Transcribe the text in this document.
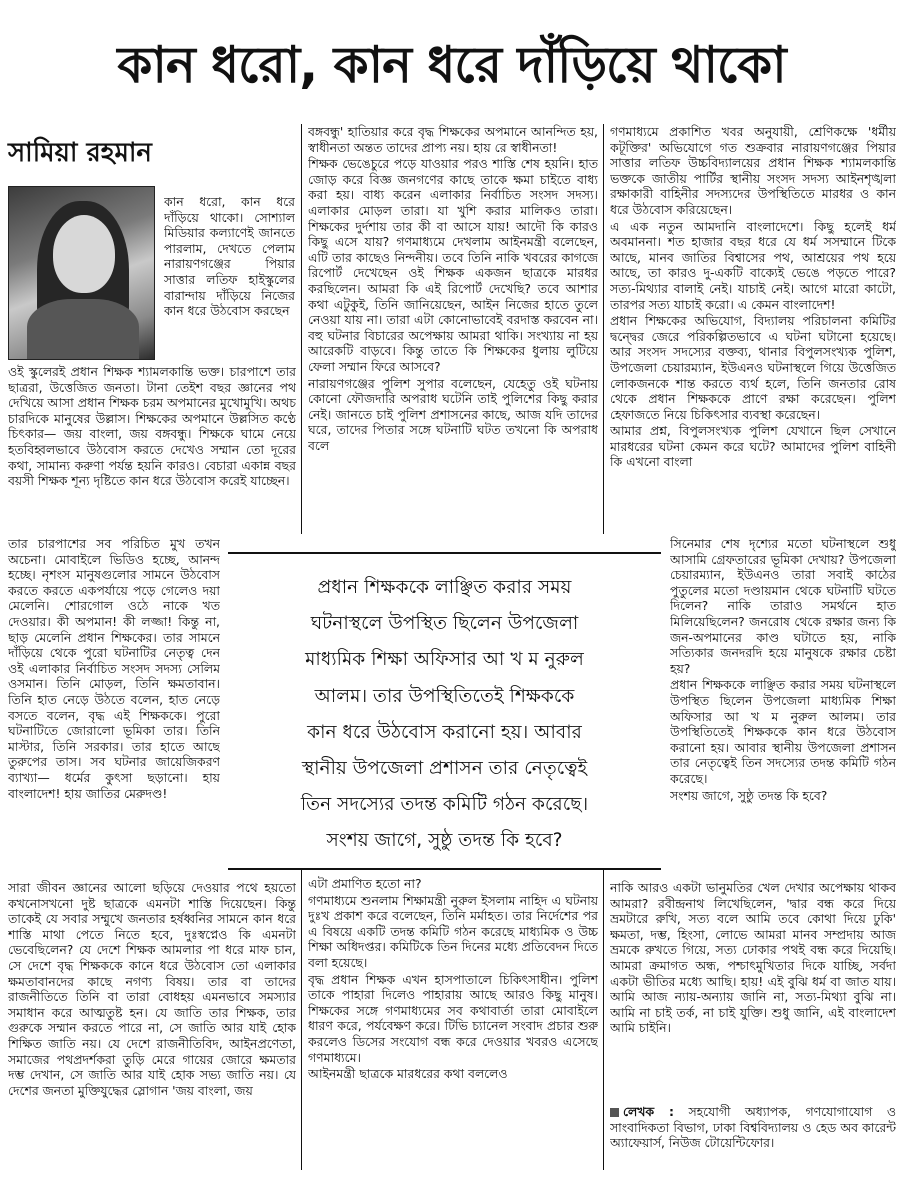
কান ধরো, কান ধরে দাঁড়িয়ে থাকো
সামিয়া রহমান

কান ধরো, কান ধরে দাঁড়িয়ে থাকো। সোশ্যাল মিডিয়ার কল্যাণেই জানতে পারলাম, দেখতে পেলাম নারায়ণগঞ্জের পিয়ার সাত্তার লতিফ হাইস্কুলের বারান্দায় দাঁড়িয়ে নিজের কান ধরে উঠবোস করছেন

ওই স্কুলেরই প্রধান শিক্ষক শ্যামলকান্তি ভক্ত। চারপাশে তার ছাত্ররা, উত্তেজিত জনতা। টানা তেইশ বছর জ্ঞানের পথ দেখিয়ে আসা প্রধান শিক্ষক চরম অপমানের মুখোমুখি। অথচ চারদিকে মানুষের উল্লাস। শিক্ষকের অপমানে উল্লসিত কণ্ঠে চিৎকার— জয় বাংলা, জয় বঙ্গবন্ধু। শিক্ষকে ঘামে নেয়ে হতবিহ্বলভাবে উঠবোস করতে দেখেও সম্মান তো দূরের কথা, সামান্য করুণা পর্যন্ত হয়নি কারও। বেচারা একান্ন বছর বয়সী শিক্ষক শূন্য দৃষ্টিতে কান ধরে উঠবোস করেই যাচ্ছেন।

তার চারপাশের সব পরিচিত মুখ তখন অচেনা। মোবাইলে ভিডিও হচ্ছে, আনন্দ হচ্ছে। নৃশংস মানুষগুলোর সামনে উঠবোস করতে করতে একপর্যায়ে পড়ে গেলেও দয়া মেলেনি। শোরগোল ওঠে নাকে খত দেওয়ার। কী অপমান! কী লজ্জা! কিন্তু না, ছাড় মেলেনি প্রধান শিক্ষকের। তার সামনে দাঁড়িয়ে থেকে পুরো ঘটনাটির নেতৃত্ব দেন ওই এলাকার নির্বাচিত সংসদ সদস্য সেলিম ওসমান। তিনি মোড়ল, তিনি ক্ষমতাবান। তিনি হাত নেড়ে উঠতে বলেন, হাত নেড়ে বসতে বলেন, বৃদ্ধ এই শিক্ষককে। পুরো ঘটনাটিতে জোরালো ভূমিকা তার। তিনি মাস্টার, তিনি সরকার। তার হাতে আছে তুরুপের তাস। সব ঘটনার জায়েজিকরণ ব্যাখ্যা— ধর্মের কুৎসা ছড়ানো। হায় বাংলাদেশ! হায় জাতির মেরুদণ্ড!

সারা জীবন জ্ঞানের আলো ছড়িয়ে দেওয়ার পথে হয়তো কখনোসখনো দুষ্ট ছাত্রকে এমনটা শাস্তি দিয়েছেন। কিন্তু তাকেই যে সবার সম্মুখে জনতার হর্ষধ্বনির সামনে কান ধরে শাস্তি মাথা পেতে নিতে হবে, দুঃস্বপ্নেও কি এমনটা ভেবেছিলেন? যে দেশে শিক্ষক আমলার পা ধরে মাফ চান, সে দেশে বৃদ্ধ শিক্ষককে কানে ধরে উঠবোস তো এলাকার ক্ষমতাবানদের কাছে নগণ্য বিষয়। তার বা তাদের রাজনীতিতে তিনি বা তারা বোধহয় এমনভাবে সমস্যার সমাধান করে আত্মতুষ্ট হন। যে জাতি তার শিক্ষক, তার গুরুকে সম্মান করতে পারে না, সে জাতি আর যাই হোক শিক্ষিত জাতি নয়। যে দেশে রাজনীতিবিদ, আইনপ্রণেতা, সমাজের পথপ্রদর্শকরা তুড়ি মেরে গায়ের জোরে ক্ষমতার দম্ভ দেখান, সে জাতি আর যাই হোক সভ্য জাতি নয়। যে দেশের জনতা মুক্তিযুদ্ধের স্লোগান 'জয় বাংলা, জয়

বঙ্গবন্ধু' হাতিয়ার করে বৃদ্ধ শিক্ষকের অপমানে আনন্দিত হয়, স্বাধীনতা অন্তত তাদের প্রাপ্য নয়। হায় রে স্বাধীনতা!

শিক্ষক ভেঙেচুরে পড়ে যাওয়ার পরও শাস্তি শেষ হয়নি। হাত জোড় করে বিজ্ঞ জনগণের কাছে তাকে ক্ষমা চাইতে বাধ্য করা হয়। বাধ্য করেন এলাকার নির্বাচিত সংসদ সদস্য। এলাকার মোড়ল তারা। যা খুশি করার মালিকও তারা। শিক্ষকের দুর্দশায় তার কী বা আসে যায়! আদৌ কি কারও কিছু এসে যায়? গণমাধ্যমে দেখলাম আইনমন্ত্রী বলেছেন, এটি তার কাছেও নিন্দনীয়। তবে তিনি নাকি খবরের কাগজে রিপোর্ট দেখেছেন ওই শিক্ষক একজন ছাত্রকে মারধর করছিলেন। আমরা কি এই রিপোর্ট দেখেছি? তবে আশার কথা এটুকুই, তিনি জানিয়েছেন, আইন নিজের হাতে তুলে নেওয়া যায় না। তারা এটা কোনোভাবেই বরদাস্ত করবেন না। বহু ঘটনার বিচারের অপেক্ষায় আমরা থাকি। সংখ্যায় না হয় আরেকটি বাড়বে। কিন্তু তাতে কি শিক্ষকের ধুলায় লুটিয়ে ফেলা সম্মান ফিরে আসবে?

নারায়ণগঞ্জের পুলিশ সুপার বলেছেন, যেহেতু ওই ঘটনায় কোনো ফৌজদারি অপরাধ ঘটেনি তাই পুলিশের কিছু করার নেই। জানতে চাই পুলিশ প্রশাসনের কাছে, আজ যদি তাদের ঘরে, তাদের পিতার সঙ্গে ঘটনাটি ঘটত তখনো কি অপরাধ বলে

প্রধান শিক্ষককে লাঞ্ছিত করার সময়

ঘটনাস্থলে উপস্থিত ছিলেন উপজেলা

মাধ্যমিক শিক্ষা অফিসার আ খ ম নুরুল

আলম। তার উপস্থিতিতেই শিক্ষককে

কান ধরে উঠবোস করানো হয়। আবার

স্থানীয় উপজেলা প্রশাসন তার নেতৃত্বেই

তিন সদস্যের তদন্ত কমিটি গঠন করেছে।

সংশয় জাগে, সুষ্ঠু তদন্ত কি হবে?

এটা প্রমাণিত হতো না?

গণমাধ্যমে শুনলাম শিক্ষামন্ত্রী নুরুল ইসলাম নাহিদ এ ঘটনায় দুঃখ প্রকাশ করে বলেছেন, তিনি মর্মাহত। তার নির্দেশের পর এ বিষয়ে একটি তদন্ত কমিটি গঠন করেছে মাধ্যমিক ও উচ্চ শিক্ষা অধিদপ্তর। কমিটিকে তিন দিনের মধ্যে প্রতিবেদন দিতে বলা হয়েছে।

বৃদ্ধ প্রধান শিক্ষক এখন হাসপাতালে চিকিৎসাধীন। পুলিশ তাকে পাহারা দিলেও পাহারায় আছে আরও কিছু মানুষ। শিক্ষকের সঙ্গে গণমাধ্যমের সব কথাবার্তা তারা মোবাইলে ধারণ করে, পর্যবেক্ষণ করে। টিভি চ্যানেল সংবাদ প্রচার শুরু করলেও ডিসের সংযোগ বন্ধ করে দেওয়ার খবরও এসেছে গণমাধ্যমে।

আইনমন্ত্রী ছাত্রকে মারধরের কথা বললেও

গণমাধ্যমে প্রকাশিত খবর অনুযায়ী, শ্রেণিকক্ষে 'ধর্মীয় কটূক্তির' অভিযোগে গত শুক্রবার নারায়ণগঞ্জের পিয়ার সাত্তার লতিফ উচ্চবিদ্যালয়ের প্রধান শিক্ষক শ্যামলকান্তি ভক্তকে জাতীয় পার্টির স্থানীয় সংসদ সদস্য আইনশৃঙ্খলা রক্ষাকারী বাহিনীর সদস্যদের উপস্থিতিতে মারধর ও কান ধরে উঠবোস করিয়েছেন।

এ এক নতুন আমদানি বাংলাদেশে। কিছু হলেই ধর্ম অবমাননা। শত হাজার বছর ধরে যে ধর্ম সসম্মানে টিকে আছে, মানব জাতির বিশ্বাসের পথ, আশ্রয়ের পথ হয়ে আছে, তা কারও দু-একটি বাক্যেই ভেঙে পড়তে পারে? সত্য-মিথ্যার বালাই নেই। যাচাই নেই। আগে মারো কাটো, তারপর সত্য যাচাই করো। এ কেমন বাংলাদেশ!

প্রধান শিক্ষকের অভিযোগ, বিদ্যালয় পরিচালনা কমিটির দ্বন্দ্বের জেরে পরিকল্পিতভাবে এ ঘটনা ঘটানো হয়েছে। আর সংসদ সদস্যের বক্তব্য, থানার বিপুলসংখ্যক পুলিশ, উপজেলা চেয়ারম্যান, ইউএনও ঘটনাস্থলে গিয়ে উত্তেজিত লোকজনকে শান্ত করতে ব্যর্থ হলে, তিনি জনতার রোষ থেকে প্রধান শিক্ষককে প্রাণে রক্ষা করেছেন। পুলিশ হেফাজতে নিয়ে চিকিৎসার ব্যবস্থা করেছেন।

আমার প্রশ্ন, বিপুলসংখ্যক পুলিশ যেখানে ছিল সেখানে মারধরের ঘটনা কেমন করে ঘটে? আমাদের পুলিশ বাহিনী কি এখনো বাংলা

সিনেমার শেষ দৃশ্যের মতো ঘটনাস্থলে শুধু আসামি গ্রেফতারের ভূমিকা দেখায়? উপজেলা চেয়ারম্যান, ইউএনও তারা সবাই কাঠের পুতুলের মতো দণ্ডায়মান থেকে ঘটনাটি ঘটতে দিলেন? নাকি তারাও সমর্থনে হাত মিলিয়েছিলেন? জনরোষ থেকে রক্ষার জন্য কি জন-অপমানের কাণ্ড ঘটাতে হয়, নাকি সত্যিকার জনদরদি হয়ে মানুষকে রক্ষার চেষ্টা হয়?

প্রধান শিক্ষককে লাঞ্ছিত করার সময় ঘটনাস্থলে উপস্থিত ছিলেন উপজেলা মাধ্যমিক শিক্ষা অফিসার আ খ ম নুরুল আলম। তার উপস্থিতিতেই শিক্ষককে কান ধরে উঠবোস করানো হয়। আবার স্থানীয় উপজেলা প্রশাসন তার নেতৃত্বেই তিন সদস্যের তদন্ত কমিটি গঠন করেছে।

সংশয় জাগে, সুষ্ঠু তদন্ত কি হবে?

নাকি আরও একটা ভানুমতির খেল দেখার অপেক্ষায় থাকব আমরা? রবীন্দ্রনাথ লিখেছিলেন, 'দ্বার বন্ধ করে দিয়ে ভ্রমটারে রুখি, সত্য বলে আমি তবে কোথা দিয়ে ঢুকি' ক্ষমতা, দম্ভ, হিংসা, লোভে আমরা মানব সম্প্রদায় আজ ভ্রমকে রুখতে গিয়ে, সত্য ঢোকার পথই বন্ধ করে দিয়েছি। আমরা ক্রমাগত অন্ধ, পশ্চাৎমুখিতার দিকে যাচ্ছি, সর্বদা একটা ভীতির মধ্যে আছি। হায়! এই বুঝি ধর্ম বা জাত যায়। আমি আজ ন্যায়-অন্যায় জানি না, সত্য-মিথ্যা বুঝি না। আমি না চাই তর্ক, না চাই যুক্তি। শুধু জানি, এই বাংলাদেশ আমি চাইনি।

লেখক : সহযোগী অধ্যাপক, গণযোগাযোগ ও সাংবাদিকতা বিভাগ, ঢাকা বিশ্ববিদ্যালয় ও হেড অব কারেন্ট অ্যাফেয়ার্স, নিউজ টোয়েন্টিফোর।
